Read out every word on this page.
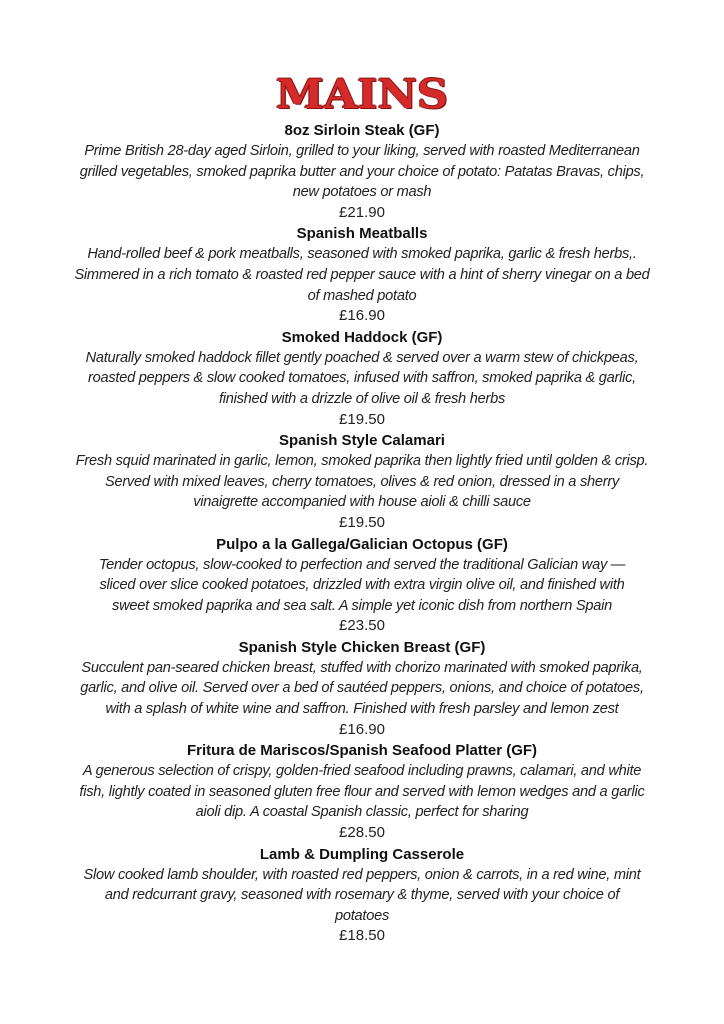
MAINS
8oz Sirloin Steak (GF)
Prime British 28-day aged Sirloin, grilled to your liking, served with roasted Mediterranean
grilled vegetables, smoked paprika butter and your choice of potato: Patatas Bravas, chips,
new potatoes or mash
£21.90
Spanish Meatballs
Hand-rolled beef & pork meatballs, seasoned with smoked paprika, garlic & fresh herbs,.
Simmered in a rich tomato & roasted red pepper sauce with a hint of sherry vinegar on a bed
of mashed potato
£16.90
Smoked Haddock (GF)
Naturally smoked haddock fillet gently poached & served over a warm stew of chickpeas,
roasted peppers & slow cooked tomatoes, infused with saffron, smoked paprika & garlic,
finished with a drizzle of olive oil & fresh herbs
£19.50
Spanish Style Calamari
Fresh squid marinated in garlic, lemon, smoked paprika then lightly fried until golden & crisp.
Served with mixed leaves, cherry tomatoes, olives & red onion, dressed in a sherry
vinaigrette accompanied with house aioli & chilli sauce
£19.50
Pulpo a la Gallega/Galician Octopus (GF)
Tender octopus, slow-cooked to perfection and served the traditional Galician way —
sliced over slice cooked potatoes, drizzled with extra virgin olive oil, and finished with
sweet smoked paprika and sea salt. A simple yet iconic dish from northern Spain
£23.50
Spanish Style Chicken Breast (GF)
Succulent pan-seared chicken breast, stuffed with chorizo marinated with smoked paprika,
garlic, and olive oil. Served over a bed of sautéed peppers, onions, and choice of potatoes,
with a splash of white wine and saffron. Finished with fresh parsley and lemon zest
£16.90
Fritura de Mariscos/Spanish Seafood Platter (GF)
A generous selection of crispy, golden-fried seafood including prawns, calamari, and white
fish, lightly coated in seasoned gluten free flour and served with lemon wedges and a garlic
aioli dip. A coastal Spanish classic, perfect for sharing
£28.50
Lamb & Dumpling Casserole
Slow cooked lamb shoulder, with roasted red peppers, onion & carrots, in a red wine, mint
and redcurrant gravy, seasoned with rosemary & thyme, served with your choice of
potatoes
£18.50
